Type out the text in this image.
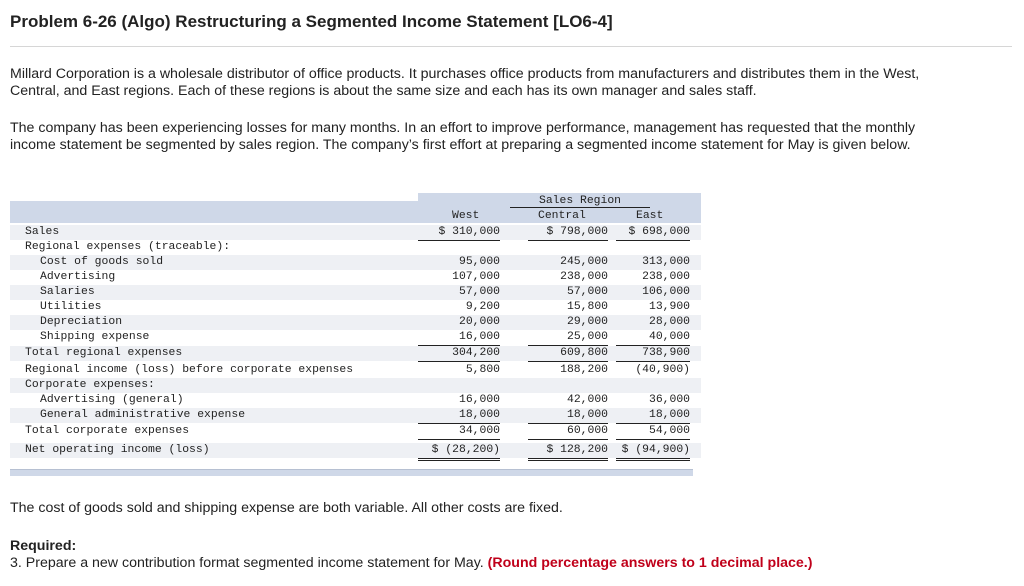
Problem 6-26 (Algo) Restructuring a Segmented Income Statement [LO6-4]

Millard Corporation is a wholesale distributor of office products. It purchases office products from manufacturers and distributes them in the West, Central, and East regions. Each of these regions is about the same size and each has its own manager and sales staff.

The company has been experiencing losses for many months. In an effort to improve performance, management has requested that the monthly income statement be segmented by sales region. The company’s first effort at preparing a segmented income statement for May is given below.

Sales Region
West	Central	East
Sales	$ 310,000	$ 798,000	$ 698,000
Regional expenses (traceable):
Cost of goods sold	95,000	245,000	313,000
Advertising	107,000	238,000	238,000
Salaries	57,000	57,000	106,000
Utilities	9,200	15,800	13,900
Depreciation	20,000	29,000	28,000
Shipping expense	16,000	25,000	40,000
Total regional expenses	304,200	609,800	738,900
Regional income (loss) before corporate expenses	5,800	188,200	(40,900)
Corporate expenses:
Advertising (general)	16,000	42,000	36,000
General administrative expense	18,000	18,000	18,000
Total corporate expenses	34,000	60,000	54,000
Net operating income (loss)	$ (28,200)	$ 128,200	$ (94,900)

The cost of goods sold and shipping expense are both variable. All other costs are fixed.

Required:
3. Prepare a new contribution format segmented income statement for May. (Round percentage answers to 1 decimal place.)
